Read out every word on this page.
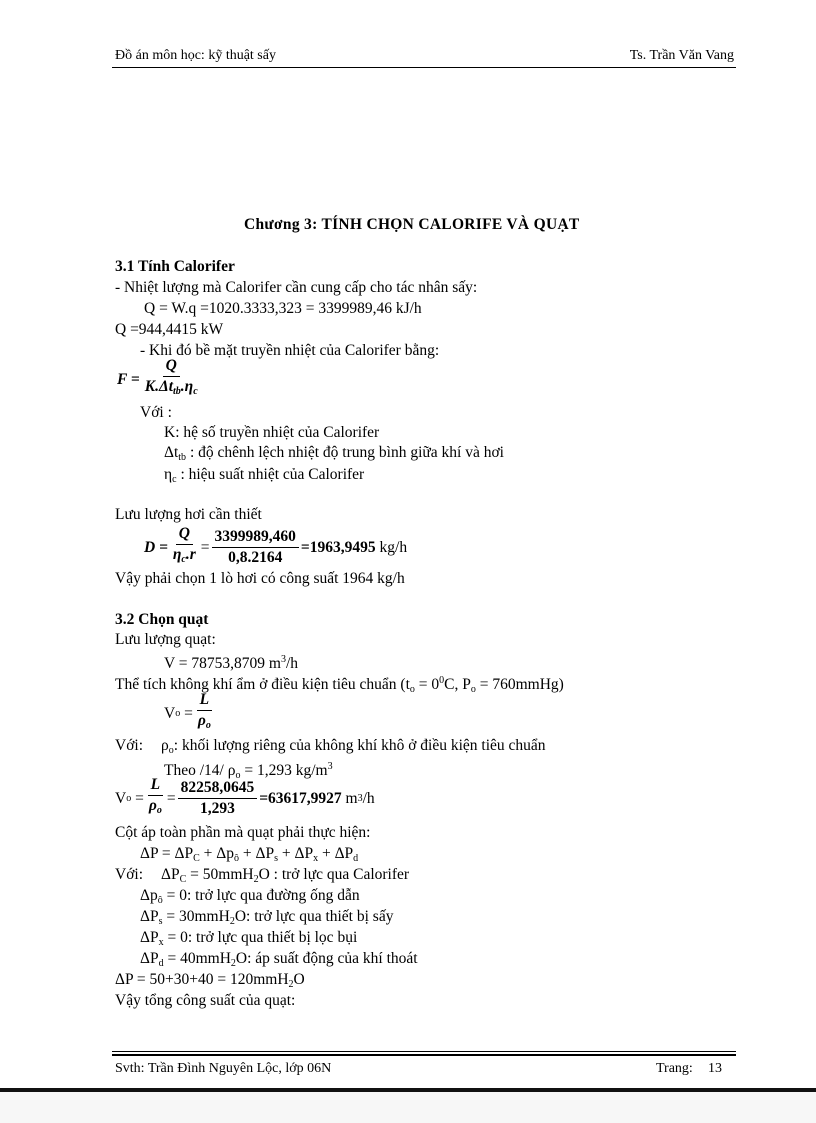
Đồ án môn học: kỹ thuật sấy	Ts. Trần Văn Vang
Chương 3: TÍNH CHỌN CALORIFE VÀ QUẠT
3.1 Tính Calorifer
- Nhiệt lượng mà Calorifer cần cung cấp cho tác nhân sấy:
Q = W.q =1020.3333,323 = 3399989,46 kJ/h
Q =944,4415 kW
- Khi đó bề mặt truyền nhiệt của Calorifer bằng:
$F = \frac{Q}{K.\Delta t_{tb}.\eta_c}$
Với :
K: hệ số truyền nhiệt của Calorifer
$\Delta t_{tb}$ : độ chênh lệch nhiệt độ trung bình giữa khí và hơi
$\eta_c$ : hiệu suất nhiệt của Calorifer
Lưu lượng hơi cần thiết
$D = \frac{Q}{\eta_c.r} = \frac{3399989,460}{0,8.2164} =1963,9495$ kg/h
Vậy phải chọn 1 lò hơi có công suất 1964 kg/h
3.2 Chọn quạt
Lưu lượng quạt:
V = 78753,8709 $m^3/h$
Thể tích không khí ẩm ở điều kiện tiêu chuẩn ($t_o = 0^0C$, $P_o$ = 760mmHg)
V $o = \frac{L}{\rho_o}$
Với: $\rho_o$: khối lượng riêng của không khí khô ở điều kiện tiêu chuẩn
Theo /14/ $\rho_o = 1,293$ $kg/m^3$
V $o = \frac{L}{\rho_o} = \frac{82258,0645}{1,293} =63617,9927$ m 3 /h
Cột áp toàn phần mà quạt phải thực hiện:
$\Delta P = \Delta P_C + \Delta p_ô + \Delta P_s + \Delta P_x + \Delta P_d$
Với: $\Delta P_C = 50mmH_2O$ : trở lực qua Calorifer
$\Delta p_ô = 0$: trở lực qua đường ống dẫn
$\Delta P_s = 30mmH_2O$: trở lực qua thiết bị sấy
$\Delta P_x = 0$: trở lực qua thiết bị lọc bụi
$\Delta P_d = 40mmH_2O$: áp suất động của khí thoát
ΔP = 50+30+40 = 120mmH$_2$O
Vậy tổng công suất của quạt:
Svth: Trần Đình Nguyên Lộc, lớp 06N	Trang: 13
